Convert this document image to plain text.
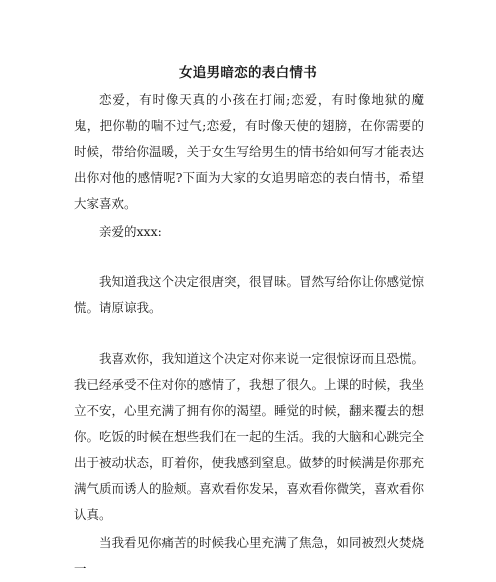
女追男暗恋的表白情书

恋爱，有时像天真的小孩在打闹;恋爱，有时像地狱的魔鬼，把你勒的喘不过气;恋爱，有时像天使的翅膀，在你需要的时候，带给你温暖，关于女生写给男生的情书给如何写才能表达出你对他的感情呢?下面为大家的女追男暗恋的表白情书，希望大家喜欢。

亲爱的xxx:

我知道我这个决定很唐突，很冒昧。冒然写给你让你感觉惊慌。请原谅我。

我喜欢你，我知道这个决定对你来说一定很惊讶而且恐慌。我已经承受不住对你的感情了，我想了很久。上课的时候，我坐立不安，心里充满了拥有你的渴望。睡觉的时候，翻来覆去的想你。吃饭的时候在想些我们在一起的生活。我的大脑和心跳完全出于被动状态，盯着你，使我感到窒息。做梦的时候满是你那充满气质而诱人的脸颊。喜欢看你发呆，喜欢看你微笑，喜欢看你认真。

当我看见你痛苦的时候我心里充满了焦急，如同被烈火焚烧一
